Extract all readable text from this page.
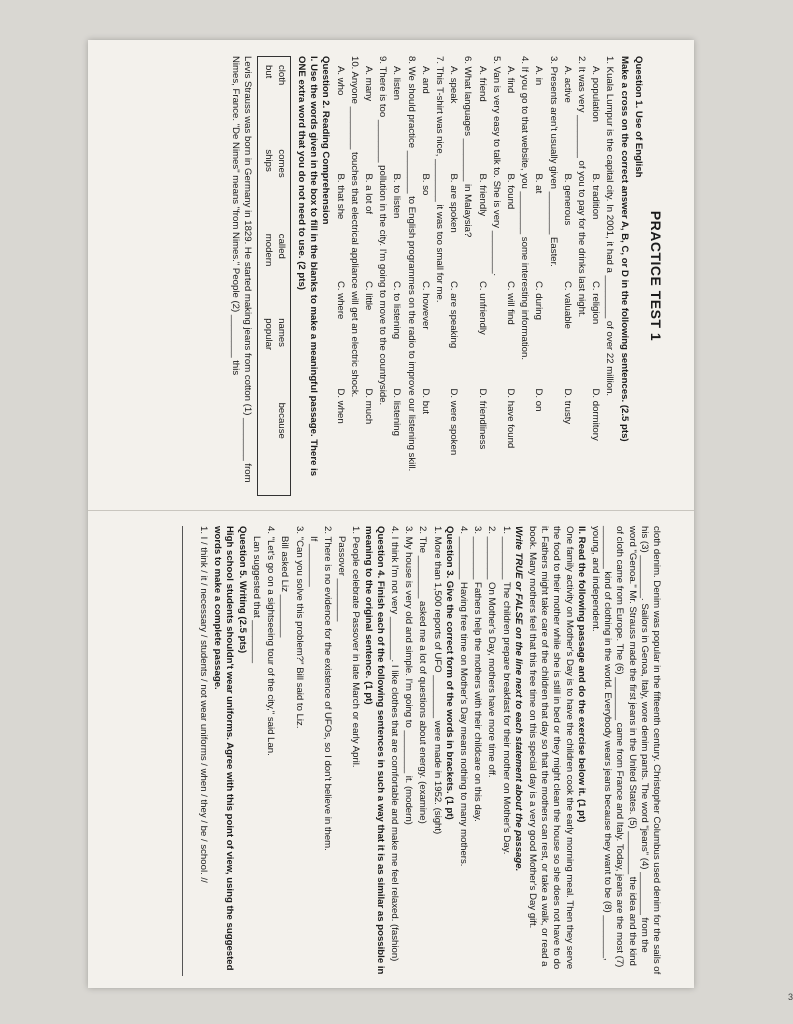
PRACTICE TEST 1

Question 1. Use of English

Make a cross on the correct answer A, B, C, or D in the following sentences. (2.5 pts)

1. Kuala Lumpur is the capital city. In 2001, it had a ________ of over 22 million.

A. population
B. tradition
C. religion
D. dormitory

2. It was very ________ of you to pay for the drinks last night.

A. active
B. generous
C. valuable
D. trusty

3. Presents aren't usually given ________ Easter.

A. in
B. at
C. during
D. on

4. If you go to that website, you ________ some interesting information.

A. find
B. found
C. will find
D. have found

5. Van is very easy to talk to. She is very ________.

A. friend
B. friendly
C. unfriendly
D. friendliness

6. What languages ________ in Malaysia?

A. speak
B. are spoken
C. are speaking
D. were spoken

7. This T-shirt was nice, ________ it was too small for me.

A. and
B. so
C. however
D. but

8. We should practice ________ to English programmes on the radio to improve our listening skill.

A. listen
B. to listen
C. to listening
D. listening

9. There is too ________ pollution in the city. I'm going to move to the countryside.

A. many
B. a lot of
C. little
D. much

10. Anyone ________ touches that electrical appliance will get an electric shock.

A. who
B. that she
C. where
D. when

Question 2. Reading Comprehension

I. Use the words given in the box to fill in the blanks to make a meaningful passage. There is ONE extra word that you do not need to use. (2 pts)

cloth
comes
called
names
because
but
ships
modern
popular

Levis Strauss was born in Germany in 1829. He started making jeans from cotton (1) ________ from Nimes, France. "De Nimes" means "from Nimes." People (2) ________ this

cloth denim. Denim was popular in the fifteenth century. Christopher Columbus used denim for the sails of his (3) ________. Sailors in Genoa, Italy, wore denim pants. The word "jeans" (4) ________ from the word "Genoa." Mr. Strauss made the first jeans in the United States. (5) ________ the idea and the kind of cloth came from Europe. The (6) ________ came from France and Italy. Today, jeans are the most (7) ________ kind of clothing in the world. Everybody wears jeans because they want to be (8) ________, young, and independent.

II. Read the following passage and do the exercise below it. (1 pt)

One family activity on Mother's Day is to have the children cook the early morning meal. Then they serve the food to their mother while she is still in bed or they might clean the house so she does not have to do it. Fathers might take care of the children that day so that the mothers can rest, or take a walk, or read a book. Many mothers feel that this free time on this special day is a very good Mother's Day gift.

Write TRUE or FALSE on the line next to each statement about the passage.

1. ________ The children prepare breakfast for their mother on Mother's Day.

2. ________ On Mother's Day, mothers have more time off.

3. ________ Fathers help the mothers with their childcare on this day.

4. ________ Having free time on Mother's Day means nothing to many mothers.

Question 3. Give the correct form of the words in brackets. (1 pt)

1. More than 1,500 reports of UFO ________ were made in 1952. (sight)

2. The ________ asked me a lot of questions about energy. (examine)

3. My house is very old and simple. I'm going to ________ it. (modern)

4. I think I'm not very ________. I like clothes that are comfortable and make me feel relaxed. (fashion)

Question 4. Finish each of the following sentences in such a way that it is as similar as possible in meaning to the original sentence. (1 pt)

1. People celebrate Passover in late March or early April.

Passover ________

2. There is no evidence for the existence of UFOs, so I don't believe in them.

If ________

3. "Can you solve this problem?" Bill said to Liz.

Bill asked Liz ________

4. "Let's go on a sightseeing tour of the city," said Lan.

Lan suggested that ________

Question 5. Writing (2.5 pts)

High school students shouldn't wear uniforms. Agree with this point of view, using the suggested words to make a complete passage.

1. I / think / it / necessary / students / not wear uniforms / when / they / be / school. //

3
